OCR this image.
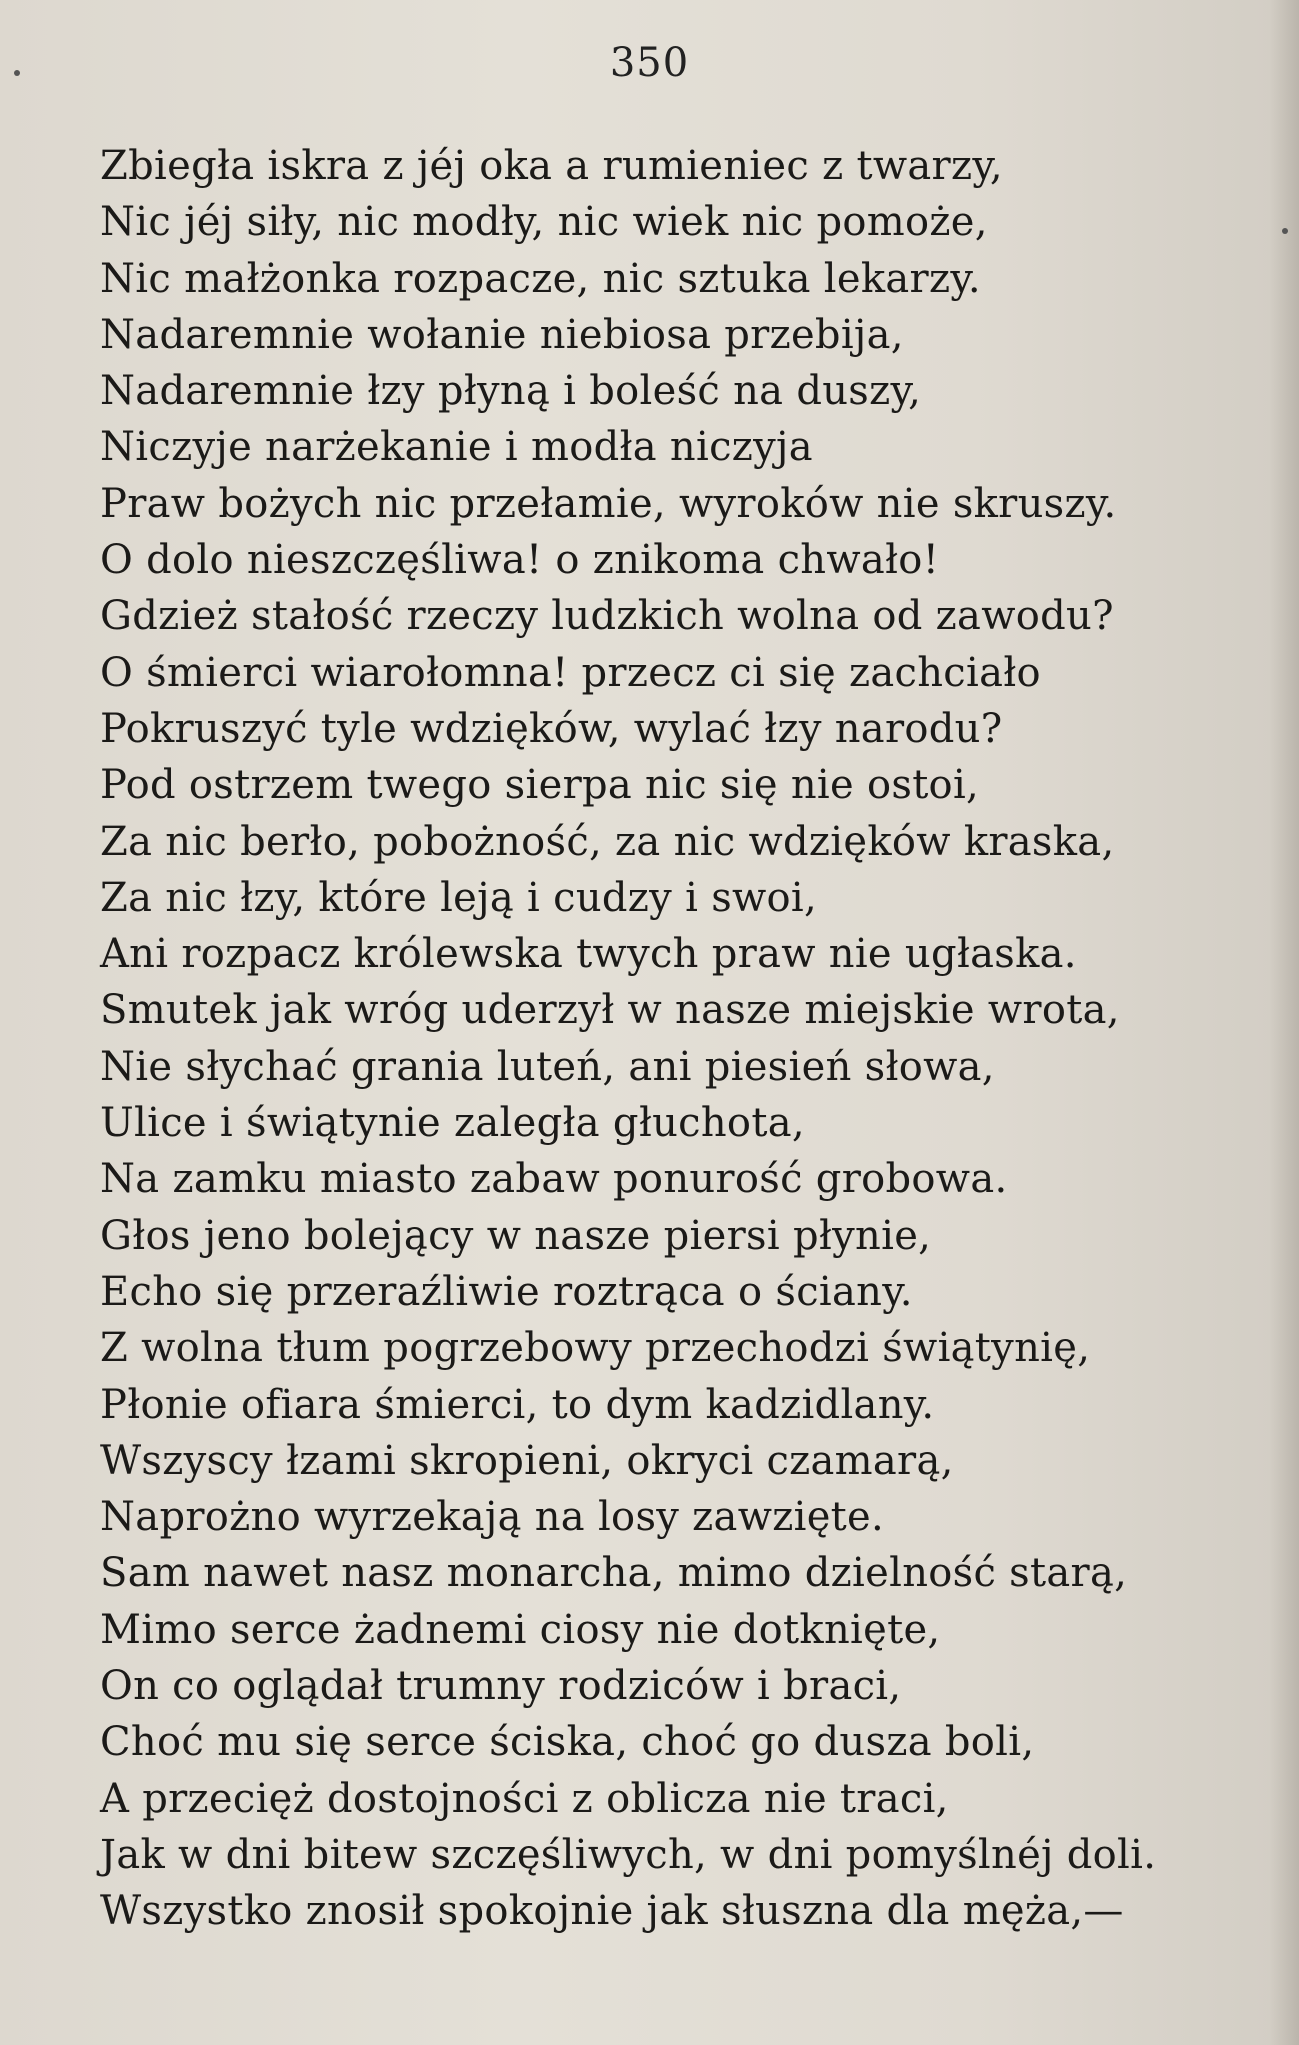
350
Zbiegła iskra z jéj oka a rumieniec z twarzy,
Nic jéj siły, nic modły, nic wiek nic pomoże,
Nic małżonka rozpacze, nic sztuka lekarzy.
Nadaremnie wołanie niebiosa przebija,
Nadaremnie łzy płyną i boleść na duszy,
Niczyje narżekanie i modła niczyja
Praw bożych nic przełamie, wyroków nie skruszy.
O dolo nieszczęśliwa! o znikoma chwało!
Gdzież stałość rzeczy ludzkich wolna od zawodu?
O śmierci wiarołomna! przecz ci się zachciało
Pokruszyć tyle wdzięków, wylać łzy narodu?
Pod ostrzem twego sierpa nic się nie ostoi,
Za nic berło, pobożność, za nic wdzięków kraska,
Za nic łzy, które leją i cudzy i swoi,
Ani rozpacz królewska twych praw nie ugłaska.
Smutek jak wróg uderzył w nasze miejskie wrota,
Nie słychać grania luteń, ani piesień słowa,
Ulice i świątynie zaległa głuchota,
Na zamku miasto zabaw ponurość grobowa.
Głos jeno bolejący w nasze piersi płynie,
Echo się przeraźliwie roztrąca o ściany.
Z wolna tłum pogrzebowy przechodzi świątynię,
Płonie ofiara śmierci, to dym kadzidlany.
Wszyscy łzami skropieni, okryci czamarą,
Naprożno wyrzekają na losy zawzięte.
Sam nawet nasz monarcha, mimo dzielność starą,
Mimo serce żadnemi ciosy nie dotknięte,
On co oglądał trumny rodziców i braci,
Choć mu się serce ściska, choć go dusza boli,
A przecięż dostojności z oblicza nie traci,
Jak w dni bitew szczęśliwych, w dni pomyślnéj doli.
Wszystko znosił spokojnie jak słuszna dla męża,—
